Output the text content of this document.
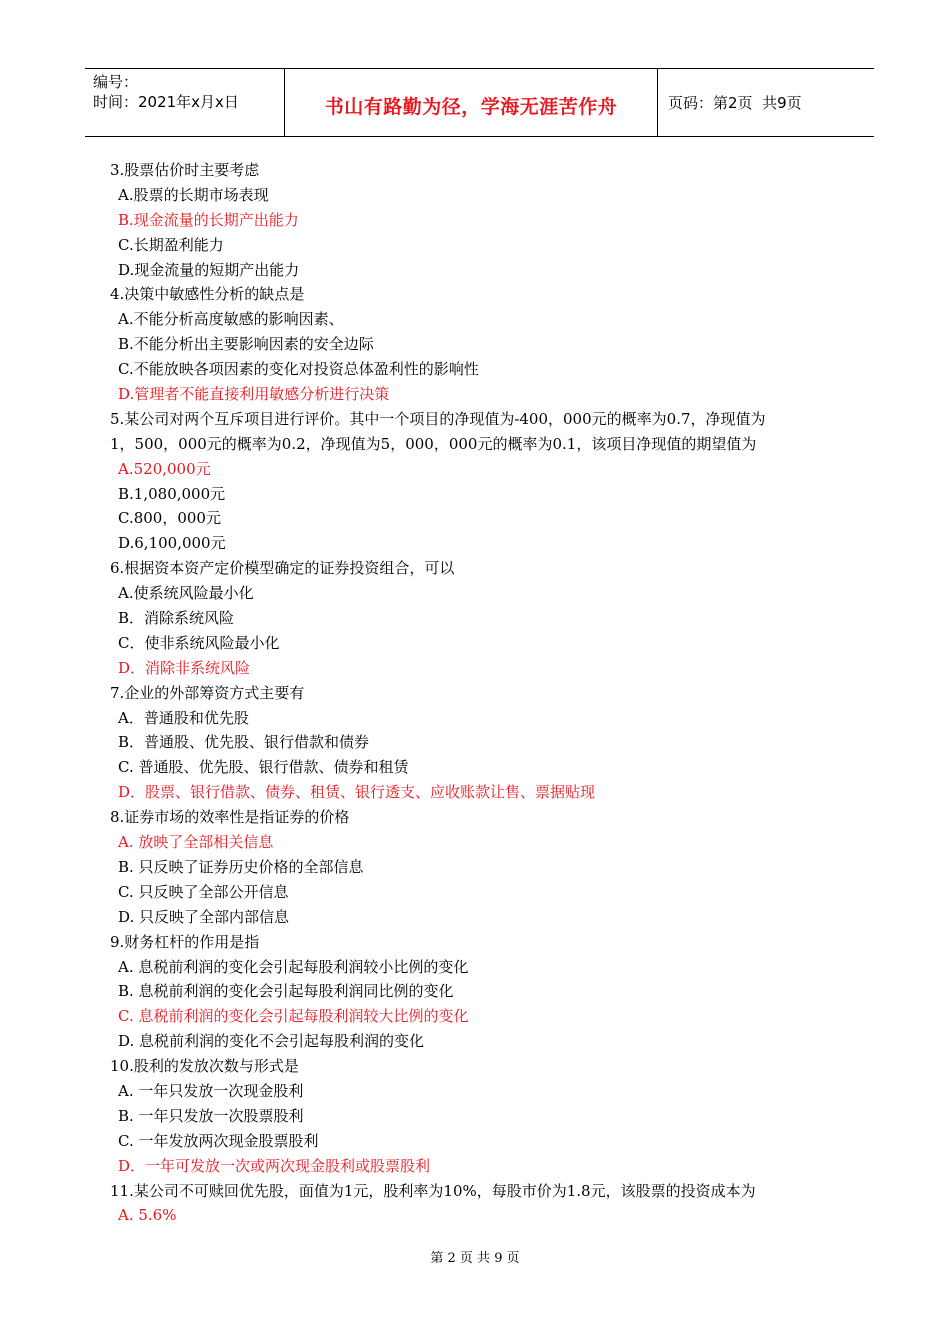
编号：
时间：2021年x月x日	书山有路勤为径，学海无涯苦作舟	页码：第2页  共9页
3.股票估价时主要考虑
A.股票的长期市场表现
B.现金流量的长期产出能力
C.长期盈利能力
D.现金流量的短期产出能力
4.决策中敏感性分析的缺点是
A.不能分析高度敏感的影响因素、
B.不能分析出主要影响因素的安全边际
C.不能放映各项因素的变化对投资总体盈利性的影响性
D.管理者不能直接利用敏感分析进行决策
5.某公司对两个互斥项目进行评价。其中一个项目的净现值为-400，000元的概率为0.7，净现值为
1，500，000元的概率为0.2，净现值为5，000，000元的概率为0.1，该项目净现值的期望值为
A.520,000元
B.1,080,000元
C.800，000元
D.6,100,000元
6.根据资本资产定价模型确定的证券投资组合，可以
A.使系统风险最小化
B．消除系统风险
C．使非系统风险最小化
D．消除非系统风险
7.企业的外部筹资方式主要有
A．普通股和优先股
B．普通股、优先股、银行借款和债券
C. 普通股、优先股、银行借款、债券和租赁
D．股票、银行借款、债券、租赁、银行透支、应收账款让售、票据贴现
8.证券市场的效率性是指证券的价格
A. 放映了全部相关信息
B. 只反映了证券历史价格的全部信息
C. 只反映了全部公开信息
D. 只反映了全部内部信息
9.财务杠杆的作用是指
A. 息税前利润的变化会引起每股利润较小比例的变化
B. 息税前利润的变化会引起每股利润同比例的变化
C. 息税前利润的变化会引起每股利润较大比例的变化
D. 息税前利润的变化不会引起每股利润的变化
10.股利的发放次数与形式是
A. 一年只发放一次现金股利
B. 一年只发放一次股票股利
C. 一年发放两次现金股票股利
D．一年可发放一次或两次现金股利或股票股利
11.某公司不可赎回优先股，面值为1元，股利率为10%，每股市价为1.8元，该股票的投资成本为
A. 5.6%
第 2 页 共 9 页
